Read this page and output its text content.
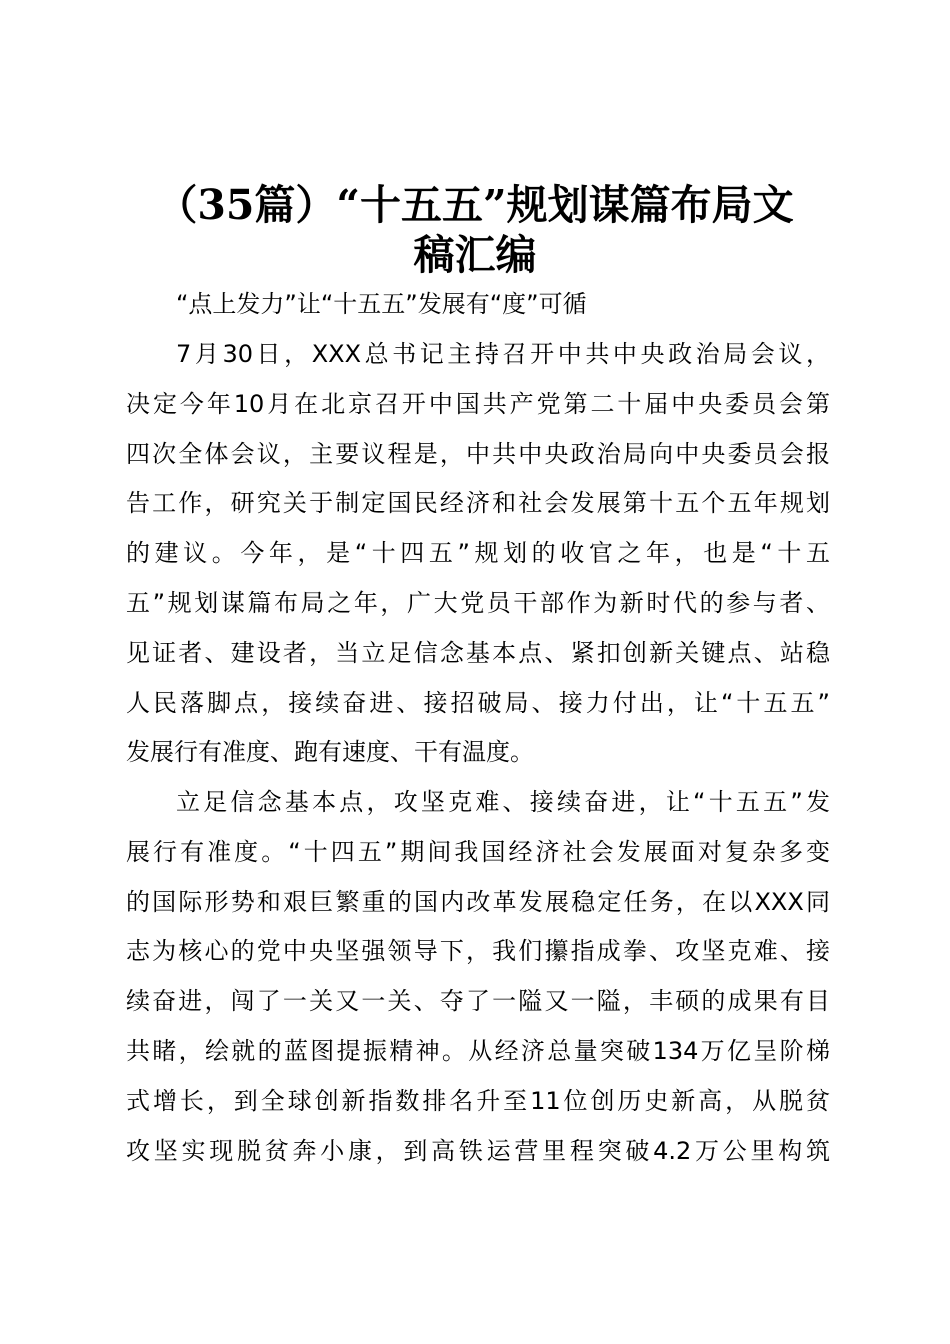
（35篇）“十五五”规划谋篇布局文
稿汇编
“点上发力”让“十五五”发展有“度”可循
7月30日，XXX总书记主持召开中共中央政治局会议，
决定今年10月在北京召开中国共产党第二十届中央委员会第
四次全体会议，主要议程是，中共中央政治局向中央委员会报
告工作，研究关于制定国民经济和社会发展第十五个五年规划
的建议。今年，是“十四五”规划的收官之年，也是“十五
五”规划谋篇布局之年，广大党员干部作为新时代的参与者、
见证者、建设者，当立足信念基本点、紧扣创新关键点、站稳
人民落脚点，接续奋进、接招破局、接力付出，让“十五五”
发展行有准度、跑有速度、干有温度。
立足信念基本点，攻坚克难、接续奋进，让“十五五”发
展行有准度。“十四五”期间我国经济社会发展面对复杂多变
的国际形势和艰巨繁重的国内改革发展稳定任务，在以XXX同
志为核心的党中央坚强领导下，我们攥指成拳、攻坚克难、接
续奋进，闯了一关又一关、夺了一隘又一隘，丰硕的成果有目
共睹，绘就的蓝图提振精神。从经济总量突破134万亿呈阶梯
式增长，到全球创新指数排名升至11位创历史新高，从脱贫
攻坚实现脱贫奔小康，到高铁运营里程突破4.2万公里构筑
